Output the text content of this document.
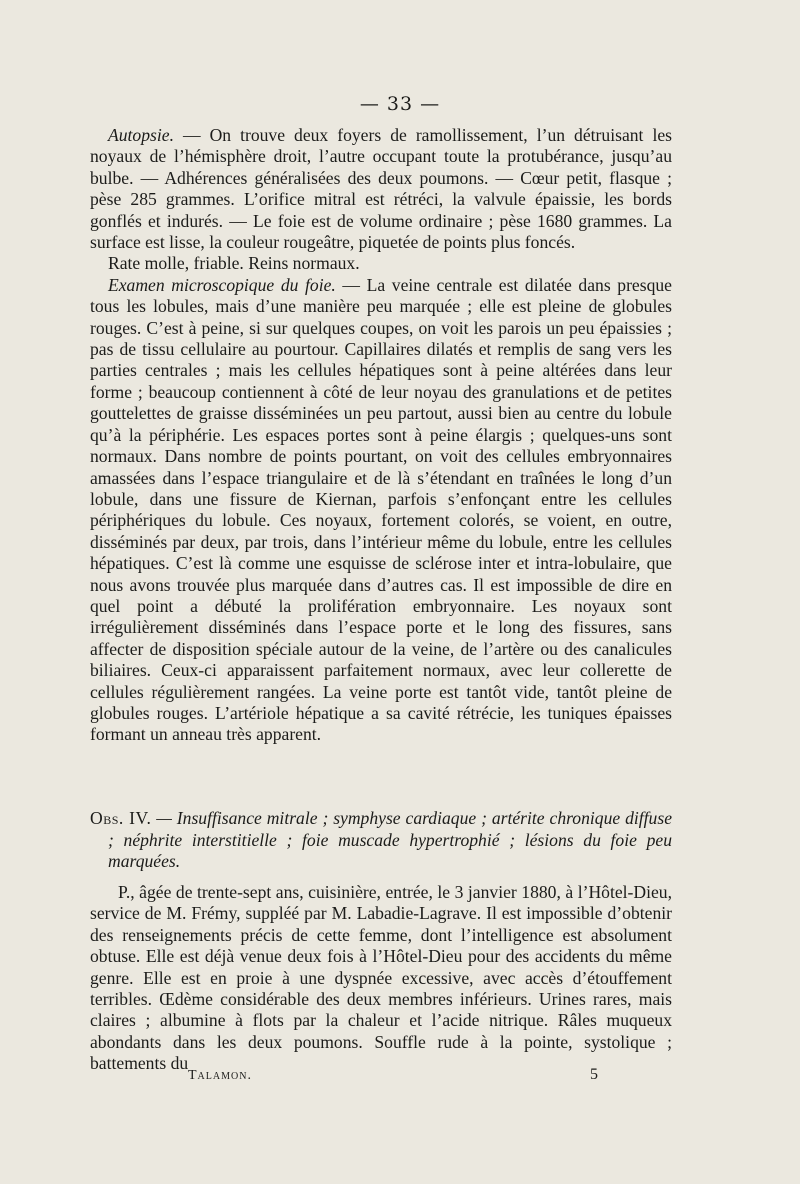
— 33 —

Autopsie. — On trouve deux foyers de ramollissement, l’un détruisant les noyaux de l’hémisphère droit, l’autre occupant toute la protubérance, jusqu’au bulbe. — Adhérences généralisées des deux poumons. — Cœur petit, flasque ; pèse 285 grammes. L’orifice mitral est rétréci, la valvule épaissie, les bords gonflés et indurés. — Le foie est de volume ordinaire ; pèse 1680 grammes. La surface est lisse, la couleur rougeâtre, piquetée de points plus foncés.

Rate molle, friable. Reins normaux.

Examen microscopique du foie. — La veine centrale est dilatée dans presque tous les lobules, mais d’une manière peu marquée ; elle est pleine de globules rouges. C’est à peine, si sur quelques coupes, on voit les parois un peu épaissies ; pas de tissu cellulaire au pourtour. Capillaires dilatés et remplis de sang vers les parties centrales ; mais les cellules hépatiques sont à peine altérées dans leur forme ; beaucoup contiennent à côté de leur noyau des granulations et de petites gouttelettes de graisse disséminées un peu partout, aussi bien au centre du lobule qu’à la périphérie. Les espaces portes sont à peine élargis ; quelques-uns sont normaux. Dans nombre de points pourtant, on voit des cellules embryonnaires amassées dans l’espace triangulaire et de là s’étendant en traînées le long d’un lobule, dans une fissure de Kiernan, parfois s’enfonçant entre les cellules périphériques du lobule. Ces noyaux, fortement colorés, se voient, en outre, disséminés par deux, par trois, dans l’intérieur même du lobule, entre les cellules hépatiques. C’est là comme une esquisse de sclérose inter et intra-lobulaire, que nous avons trouvée plus marquée dans d’autres cas. Il est impossible de dire en quel point a débuté la prolifération embryonnaire. Les noyaux sont irrégulièrement disséminés dans l’espace porte et le long des fissures, sans affecter de disposition spéciale autour de la veine, de l’artère ou des canalicules biliaires. Ceux-ci apparaissent parfaitement normaux, avec leur collerette de cellules régulièrement rangées. La veine porte est tantôt vide, tantôt pleine de globules rouges. L’artériole hépatique a sa cavité rétrécie, les tuniques épaisses formant un anneau très apparent.

Obs. IV. — Insuffisance mitrale ; symphyse cardiaque ; artérite chronique diffuse ; néphrite interstitielle ; foie muscade hypertrophié ; lésions du foie peu marquées.

P., âgée de trente-sept ans, cuisinière, entrée, le 3 janvier 1880, à l’Hôtel-Dieu, service de M. Frémy, suppléé par M. Labadie-Lagrave. Il est impossible d’obtenir des renseignements précis de cette femme, dont l’intelligence est absolument obtuse. Elle est déjà venue deux fois à l’Hôtel-Dieu pour des accidents du même genre. Elle est en proie à une dyspnée excessive, avec accès d’étouffement terribles. Œdème considérable des deux membres inférieurs. Urines rares, mais claires ; albumine à flots par la chaleur et l’acide nitrique. Râles muqueux abondants dans les deux poumons. Souffle rude à la pointe, systolique ; battements du

Talamon.	5
